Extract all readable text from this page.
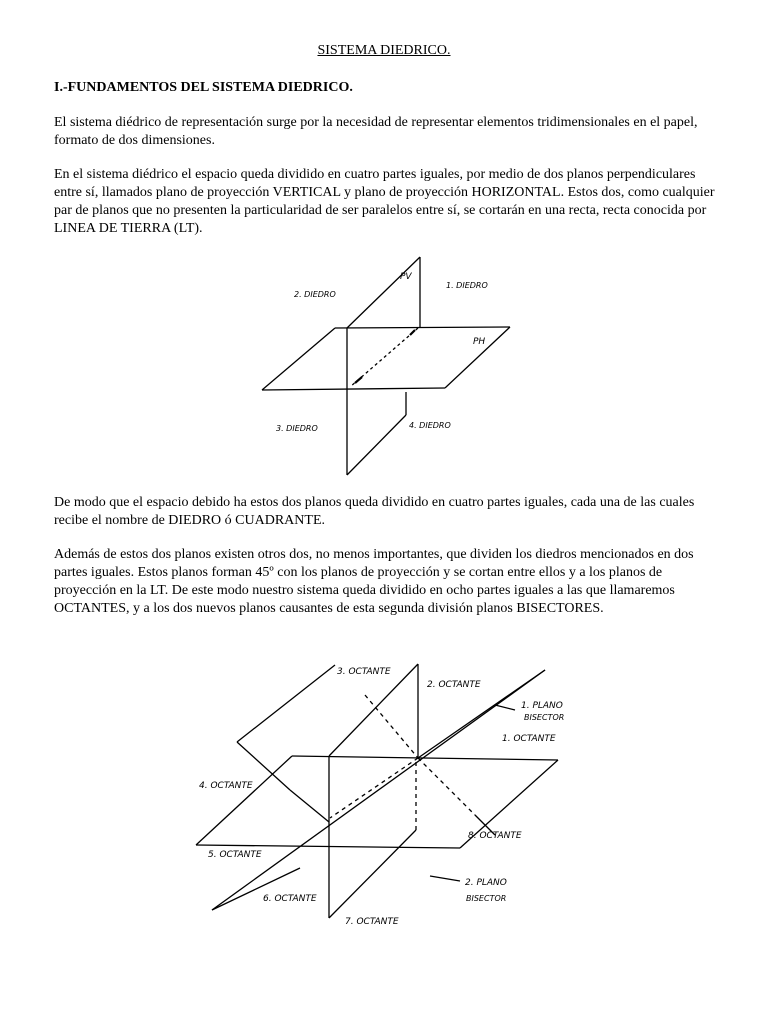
SISTEMA DIEDRICO.
I.-FUNDAMENTOS DEL SISTEMA DIEDRICO.

El sistema diédrico de representación surge por la necesidad de representar elementos tridimensionales en el papel, formato de dos dimensiones.

En el sistema diédrico el espacio queda dividido en cuatro partes iguales, por medio de dos planos perpendiculares entre sí, llamados plano de proyección VERTICAL y plano de proyección HORIZONTAL. Estos dos, como cualquier par de planos que no presenten la particularidad de ser paralelos entre sí, se cortarán en una recta, recta conocida por LINEA DE TIERRA (LT).

PV
PH
1. DIEDRO
2. DIEDRO
3. DIEDRO	4. DIEDRO

De modo que el espacio debido ha estos dos planos queda dividido en cuatro partes iguales, cada una de las cuales recibe el nombre de DIEDRO ó CUADRANTE.

Además de estos dos planos existen otros dos, no menos importantes, que dividen los diedros mencionados en dos partes iguales. Estos planos forman 45º con los planos de proyección y se cortan entre ellos y a los planos de proyección en la LT. De este modo nuestro sistema queda dividido en ocho partes iguales a las que llamaremos OCTANTES, y a los dos nuevos planos causantes de esta segunda división planos BISECTORES.

3. OCTANTE
2. OCTANTE
1. PLANO
BISECTOR
1. OCTANTE
4. OCTANTE
8. OCTANTE
5. OCTANTE
2. PLANO
BISECTOR
6. OCTANTE
7. OCTANTE
